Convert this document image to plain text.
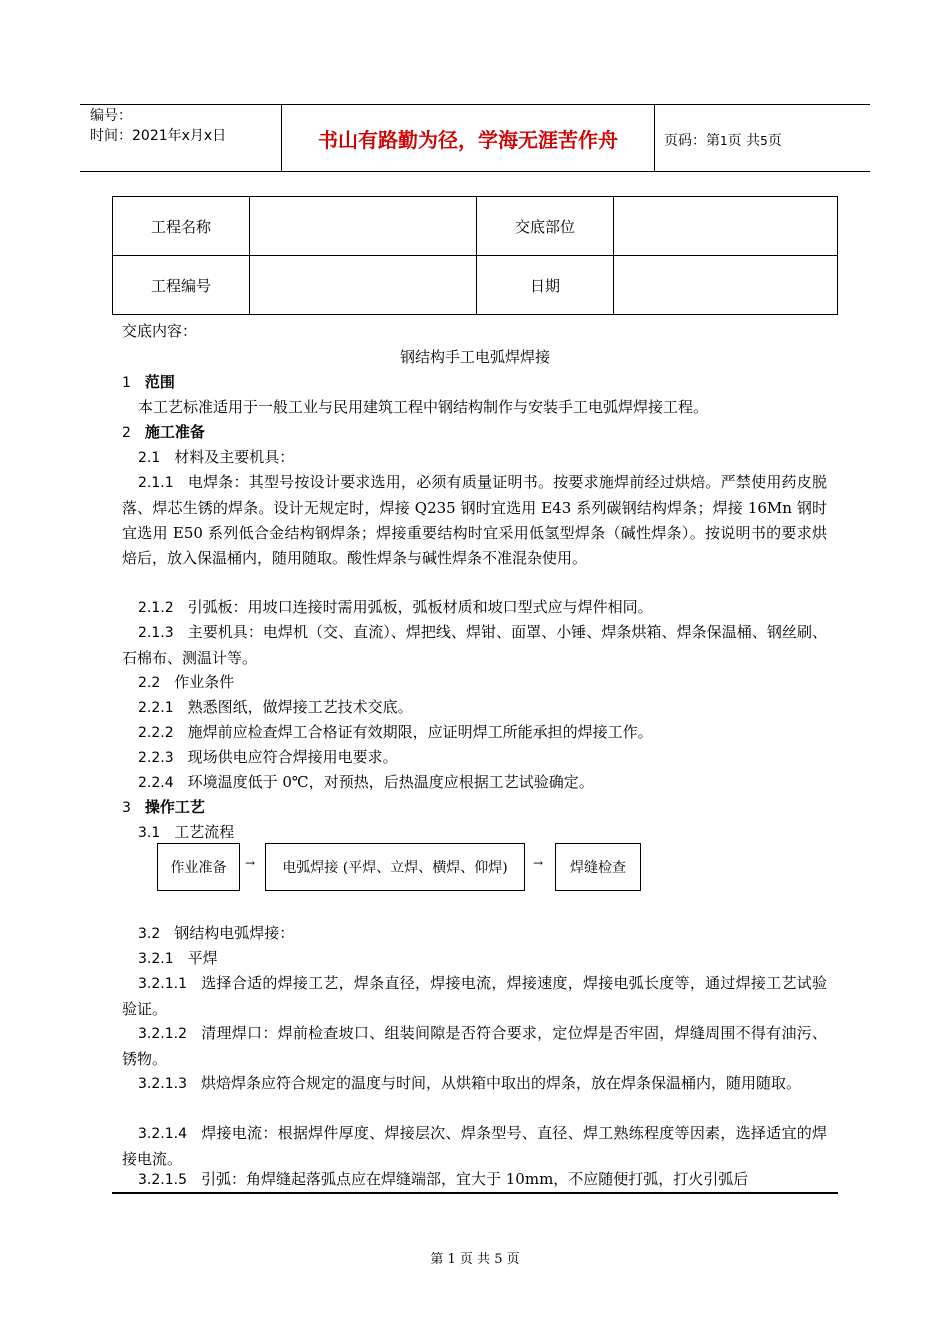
编号：
时间：2021年x月x日	书山有路勤为径，学海无涯苦作舟	页码：第1页 共5页
工程名称		交底部位	
工程编号		日期	
交底内容：
钢结构手工电弧焊焊接
1 范围
本工艺标准适用于一般工业与民用建筑工程中钢结构制作与安装手工电弧焊焊接工程。
2 施工准备
2.1 材料及主要机具：
2.1.1 电焊条：其型号按设计要求选用，必须有质量证明书。按要求施焊前经过烘焙。严禁使用药皮脱落、焊芯生锈的焊条。设计无规定时，焊接 Q235 钢时宜选用 E43 系列碳钢结构焊条；焊接 16Mn 钢时宜选用 E50 系列低合金结构钢焊条；焊接重要结构时宜采用低氢型焊条（碱性焊条）。按说明书的要求烘焙后，放入保温桶内，随用随取。酸性焊条与碱性焊条不准混杂使用。
2.1.2 引弧板：用坡口连接时需用弧板，弧板材质和坡口型式应与焊件相同。
2.1.3 主要机具：电焊机（交、直流）、焊把线、焊钳、面罩、小锤、焊条烘箱、焊条保温桶、钢丝刷、石棉布、测温计等。
2.2 作业条件
2.2.1 熟悉图纸，做焊接工艺技术交底。
2.2.2 施焊前应检查焊工合格证有效期限，应证明焊工所能承担的焊接工作。
2.2.3 现场供电应符合焊接用电要求。
2.2.4 环境温度低于 0℃，对预热，后热温度应根据工艺试验确定。
3 操作工艺
3.1 工艺流程
作业准备	→	电弧焊接 (平焊、立焊、横焊、仰焊)	→	焊缝检查
3.2 钢结构电弧焊接：
3.2.1 平焊
3.2.1.1 选择合适的焊接工艺，焊条直径，焊接电流，焊接速度，焊接电弧长度等，通过焊接工艺试验验证。
3.2.1.2 清理焊口：焊前检查坡口、组装间隙是否符合要求，定位焊是否牢固，焊缝周围不得有油污、锈物。
3.2.1.3 烘焙焊条应符合规定的温度与时间，从烘箱中取出的焊条，放在焊条保温桶内，随用随取。
3.2.1.4 焊接电流：根据焊件厚度、焊接层次、焊条型号、直径、焊工熟练程度等因素，选择适宜的焊接电流。
3.2.1.5 引弧：角焊缝起落弧点应在焊缝端部，宜大于 10mm，不应随便打弧，打火引弧后
第 1 页 共 5 页
